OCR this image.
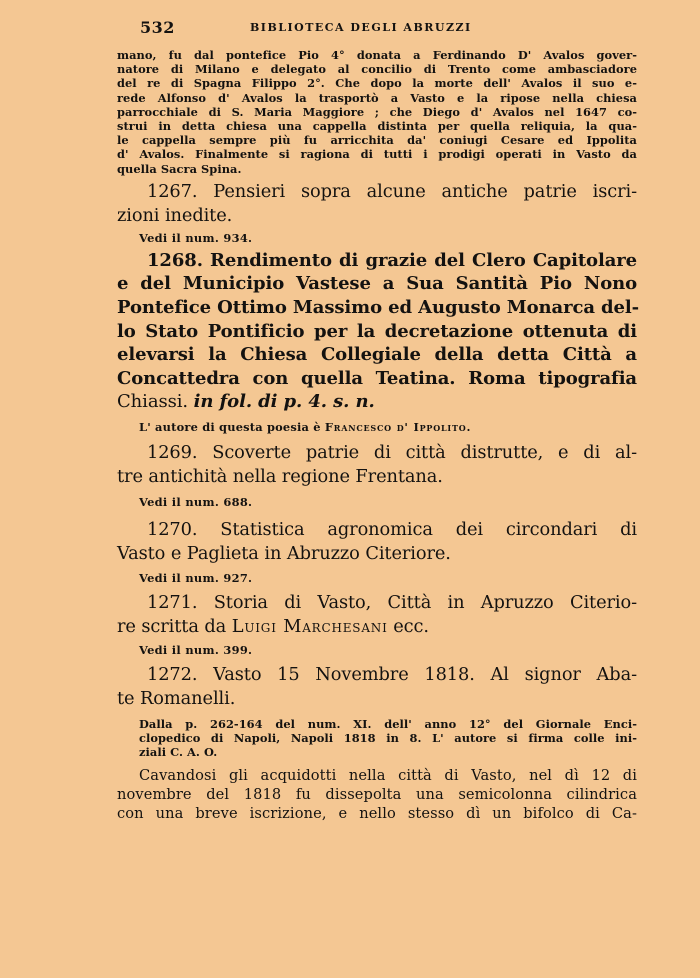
532	BIBLIOTECA DEGLI ABRUZZI
mano, fu dal pontefice Pio 4° donata a Ferdinando D' Avalos gover-
natore di Milano e delegato al concilio di Trento come ambasciadore
del re di Spagna Filippo 2°. Che dopo la morte dell' Avalos il suo e-
rede Alfonso d' Avalos la trasportò a Vasto e la ripose nella chiesa
parrocchiale di S. Maria Maggiore ; che Diego d' Avalos nel 1647 co-
strui in detta chiesa una cappella distinta per quella reliquia, la qua-
le cappella sempre più fu arricchita da' coniugi Cesare ed Ippolita
d' Avalos. Finalmente si ragiona di tutti i prodigi operati in Vasto da
quella Sacra Spina.
1267. Pensieri sopra alcune antiche patrie iscri-
zioni inedite.
Vedi il num. 934.
1268. Rendimento di grazie del Clero Capitolare
e del Municipio Vastese a Sua Santità Pio Nono
Pontefice Ottimo Massimo ed Augusto Monarca del-
lo Stato Pontificio per la decretazione ottenuta di
elevarsi la Chiesa Collegiale della detta Città a
Concattedra con quella Teatina. Roma tipografia
Chiassi. in fol. di p. 4. s. n.
L' autore di questa poesia è Francesco d' Ippolito.
1269. Scoverte patrie di città distrutte, e di al-
tre antichità nella regione Frentana.
Vedi il num. 688.
1270. Statistica agronomica dei circondari di
Vasto e Paglieta in Abruzzo Citeriore.
Vedi il num. 927.
1271. Storia di Vasto, Città in Apruzzo Citerio-
re scritta da Luigi Marchesani ecc.
Vedi il num. 399.
1272. Vasto 15 Novembre 1818. Al signor Aba-
te Romanelli.
Dalla p. 262-164 del num. XI. dell' anno 12° del Giornale Enci-
clopedico di Napoli, Napoli 1818 in 8. L' autore si firma colle ini-
ziali C. A. O.
Cavandosi gli acquidotti nella città di Vasto, nel dì 12 di
novembre del 1818 fu dissepolta una semicolonna cilindrica
con una breve iscrizione, e nello stesso dì un bifolco di Ca-
